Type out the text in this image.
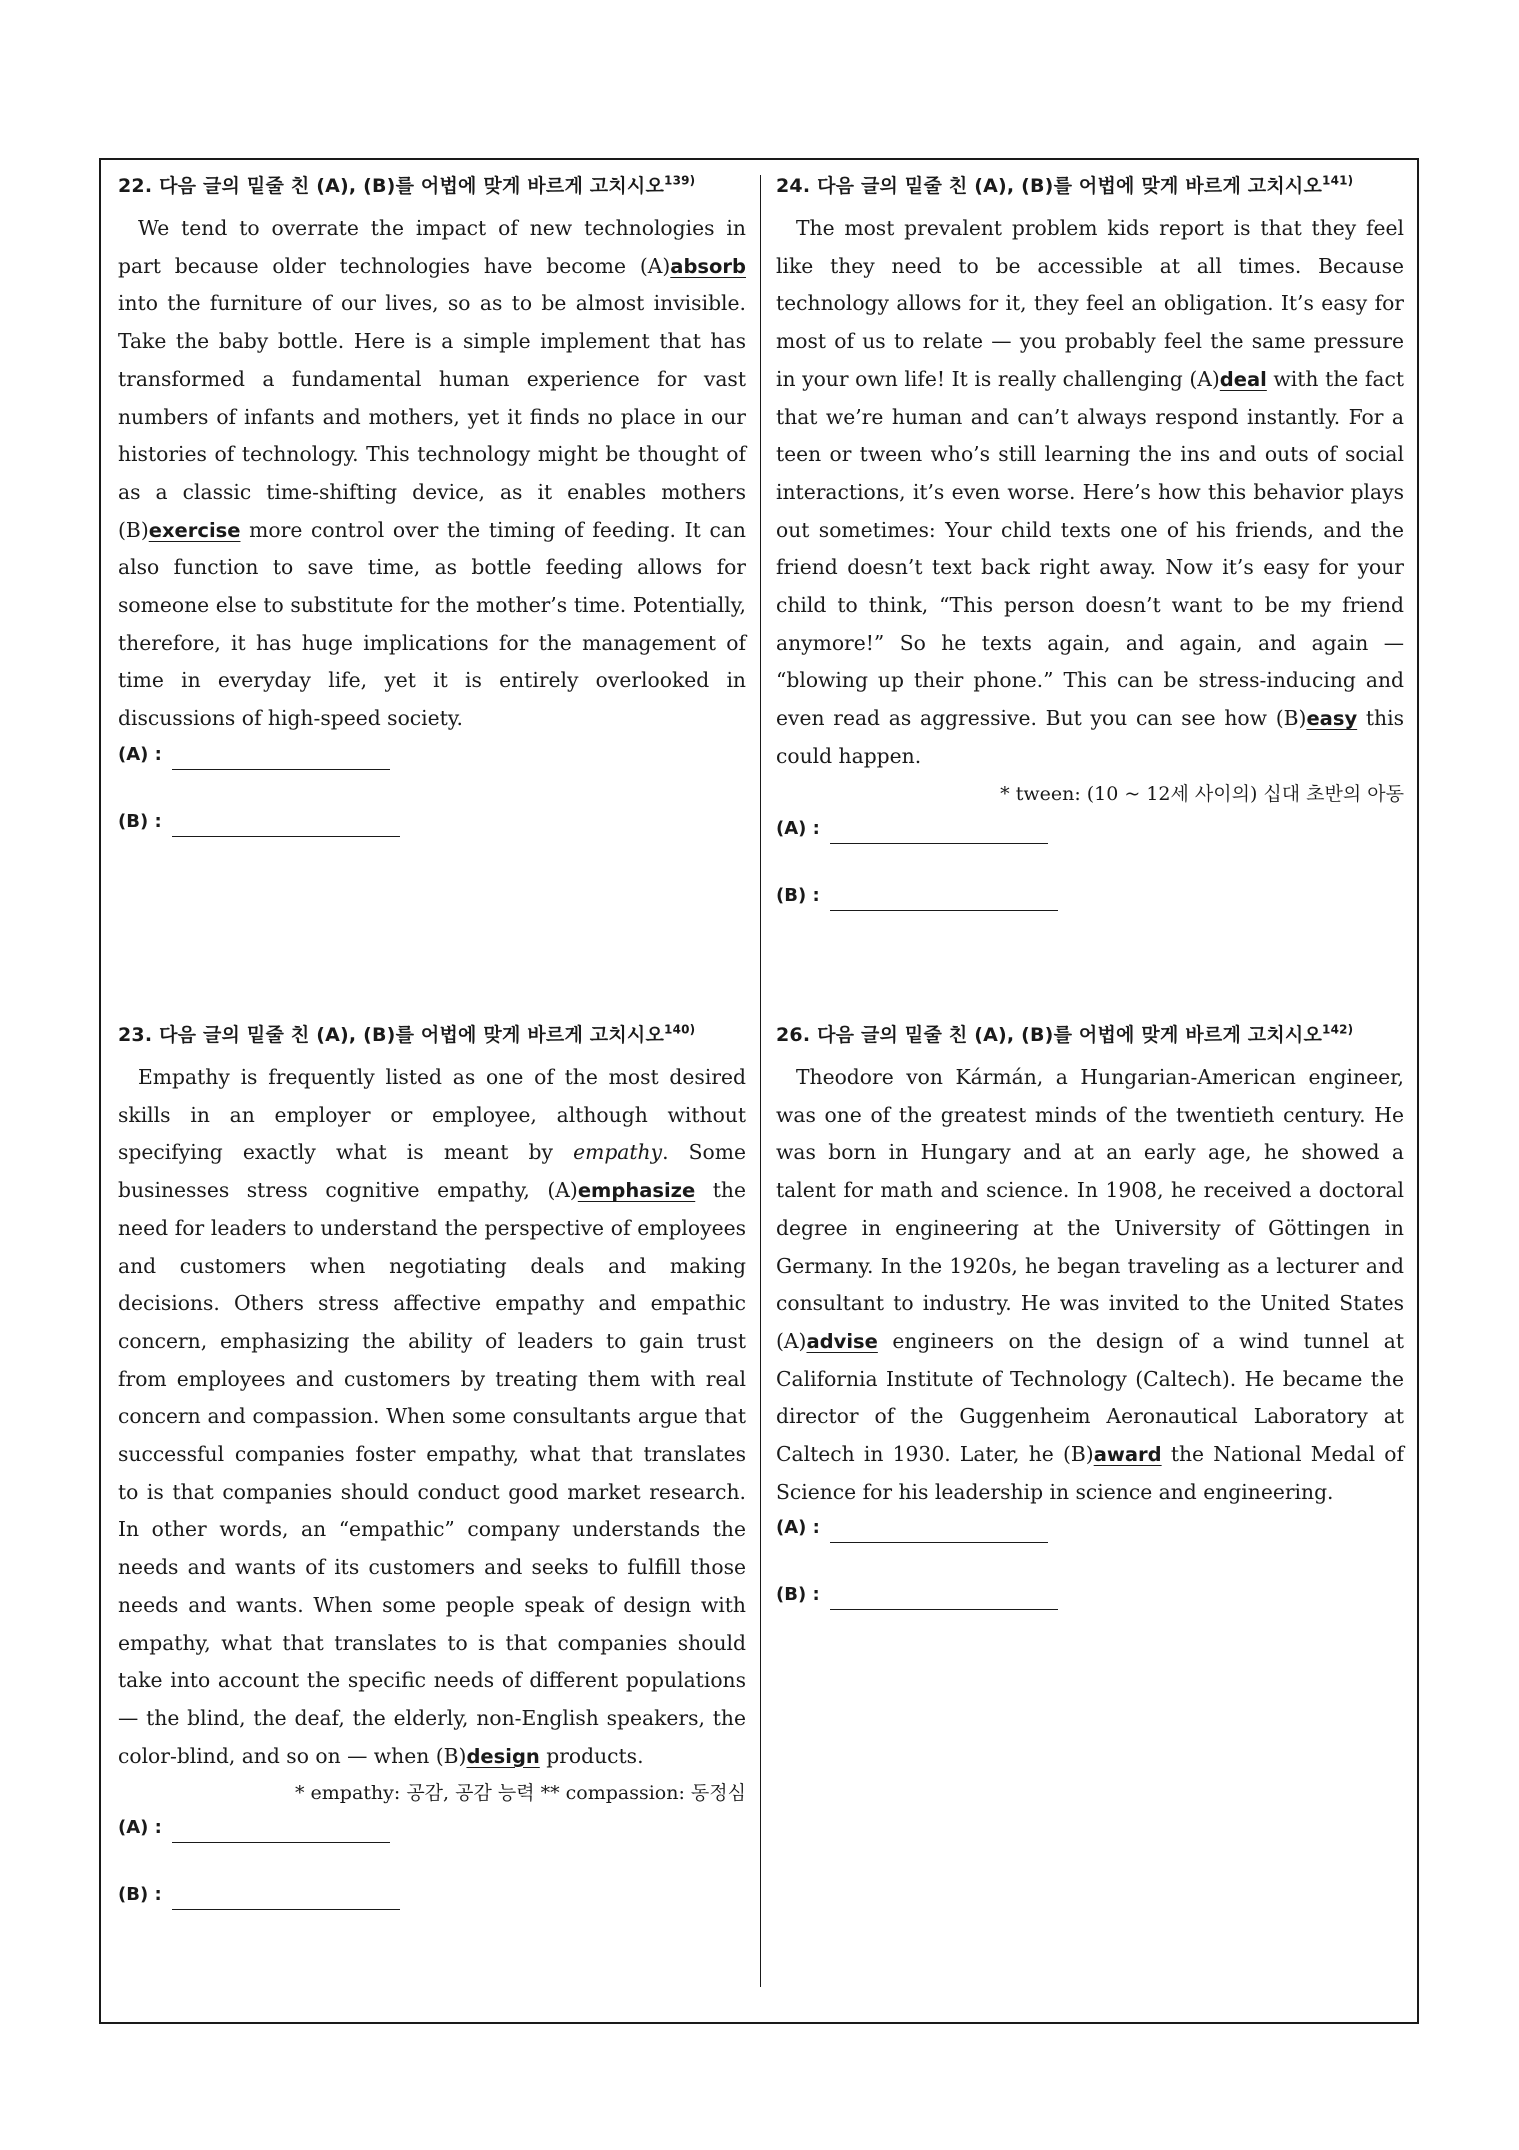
22. 다음 글의 밑줄 친 (A), (B)를 어법에 맞게 바르게 고치시오$^{139)}$

We tend to overrate the impact of new technologies in part because older technologies have become (A)absorb into the furniture of our lives, so as to be almost invisible. Take the baby bottle. Here is a simple implement that has transformed a fundamental human experience for vast numbers of infants and mothers, yet it finds no place in our histories of technology. This technology might be thought of as a classic time-shifting device, as it enables mothers (B)exercise more control over the timing of feeding. It can also function to save time, as bottle feeding allows for someone else to substitute for the mother’s time. Potentially, therefore, it has huge implications for the management of time in everyday life, yet it is entirely overlooked in discussions of high-speed society.

(A) :
(B) :
24. 다음 글의 밑줄 친 (A), (B)를 어법에 맞게 바르게 고치시오$^{141)}$

The most prevalent problem kids report is that they feel like they need to be accessible at all times. Because technology allows for it, they feel an obligation. It’s easy for most of us to relate — you probably feel the same pressure in your own life! It is really challenging (A)deal with the fact that we’re human and can’t always respond instantly. For a teen or tween who’s still learning the ins and outs of social interactions, it’s even worse. Here’s how this behavior plays out sometimes: Your child texts one of his friends, and the friend doesn’t text back right away. Now it’s easy for your child to think, “This person doesn’t want to be my friend anymore!” So he texts again, and again, and again — “blowing up their phone.” This can be stress-inducing and even read as aggressive. But you can see how (B)easy this could happen.

* tween: (10 ~ 12세 사이의) 십대 초반의 아동

(A) :
(B) :
23. 다음 글의 밑줄 친 (A), (B)를 어법에 맞게 바르게 고치시오$^{140)}$

Empathy is frequently listed as one of the most desired skills in an employer or employee, although without specifying exactly what is meant by empathy. Some businesses stress cognitive empathy, (A)emphasize the need for leaders to understand the perspective of employees and customers when negotiating deals and making decisions. Others stress affective empathy and empathic concern, emphasizing the ability of leaders to gain trust from employees and customers by treating them with real concern and compassion. When some consultants argue that successful companies foster empathy, what that translates to is that companies should conduct good market research. In other words, an “empathic” company understands the needs and wants of its customers and seeks to fulfill those needs and wants. When some people speak of design with empathy, what that translates to is that companies should take into account the specific needs of different populations — the blind, the deaf, the elderly, non-English speakers, the color-blind, and so on — when (B)design products.

* empathy: 공감, 공감 능력 ** compassion: 동정심

(A) :
(B) :
26. 다음 글의 밑줄 친 (A), (B)를 어법에 맞게 바르게 고치시오$^{142)}$

Theodore von Kármán, a Hungarian-American engineer, was one of the greatest minds of the twentieth century. He was born in Hungary and at an early age, he showed a talent for math and science. In 1908, he received a doctoral degree in engineering at the University of Göttingen in Germany. In the 1920s, he began traveling as a lecturer and consultant to industry. He was invited to the United States (A)advise engineers on the design of a wind tunnel at California Institute of Technology (Caltech). He became the director of the Guggenheim Aeronautical Laboratory at Caltech in 1930. Later, he (B)award the National Medal of Science for his leadership in science and engineering.

(A) :
(B) :
